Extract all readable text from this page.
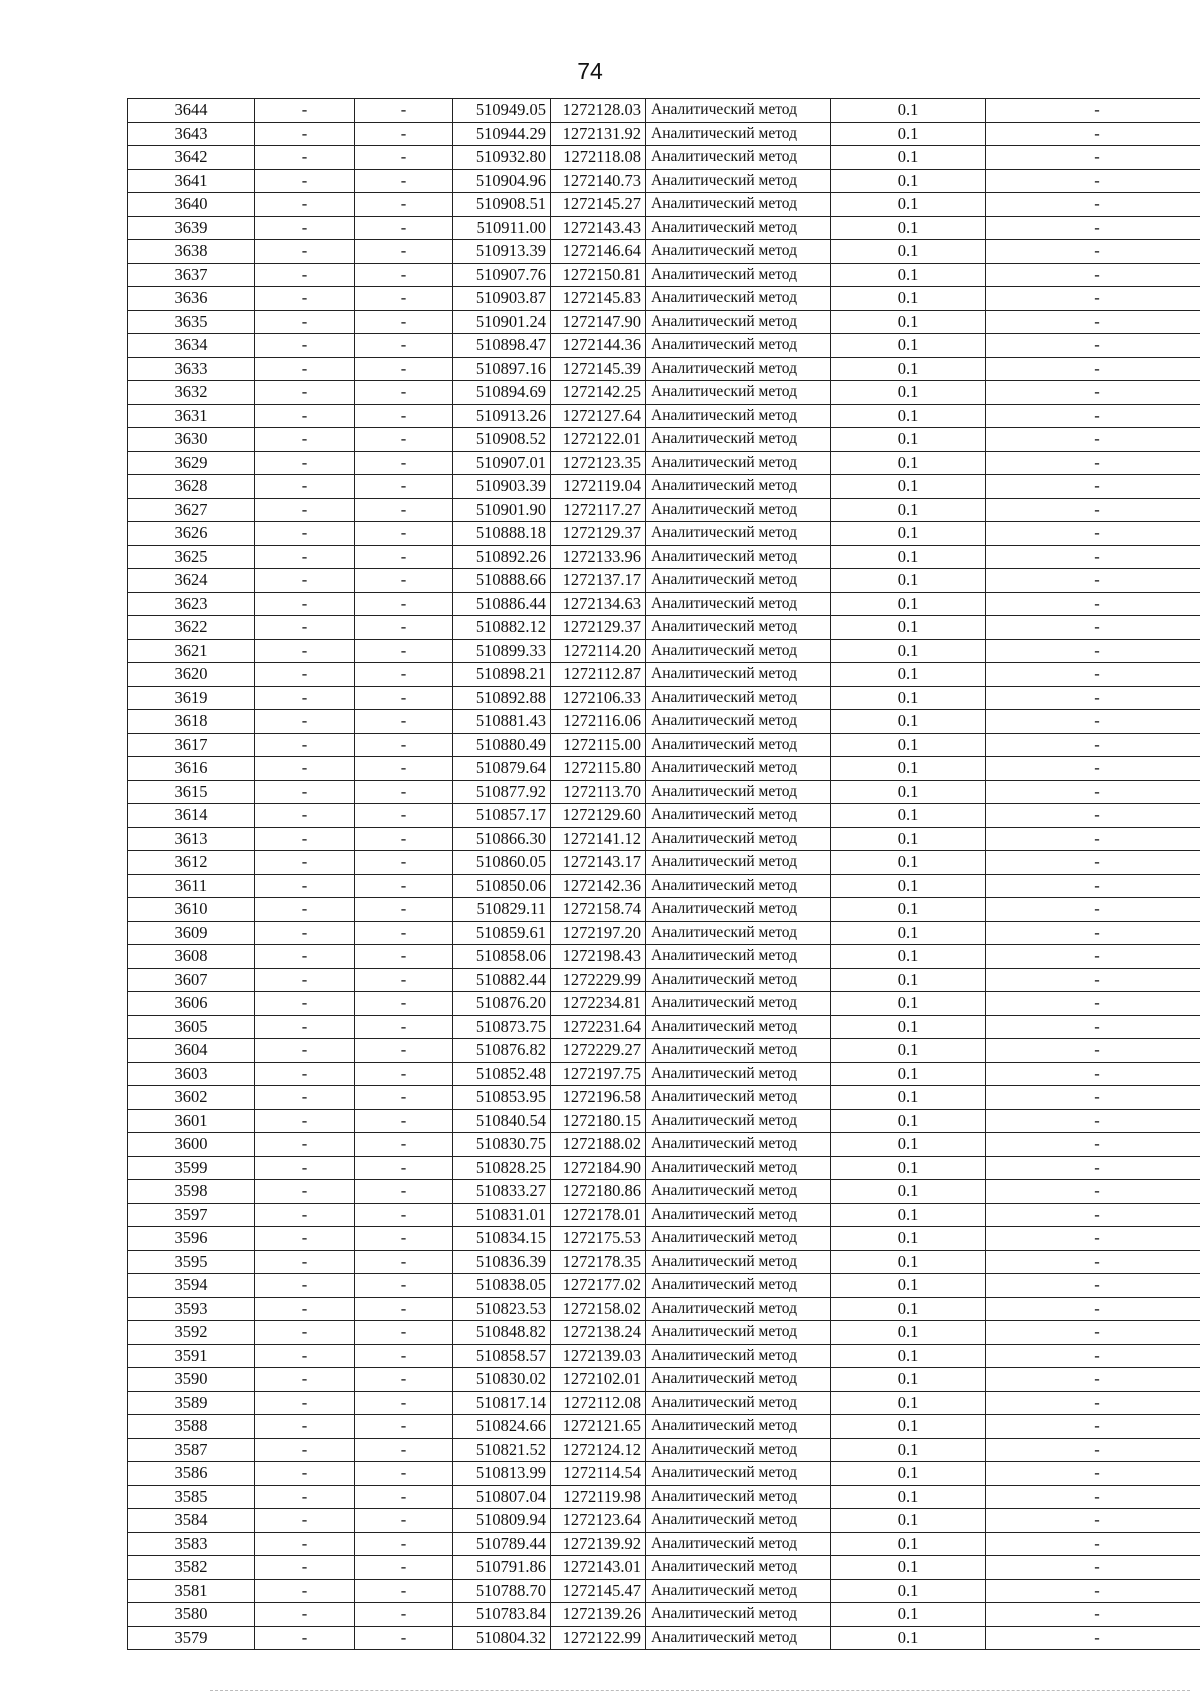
74
3644	-	-	510949.05	1272128.03	Аналитический метод	0.1	-
3643	-	-	510944.29	1272131.92	Аналитический метод	0.1	-
3642	-	-	510932.80	1272118.08	Аналитический метод	0.1	-
3641	-	-	510904.96	1272140.73	Аналитический метод	0.1	-
3640	-	-	510908.51	1272145.27	Аналитический метод	0.1	-
3639	-	-	510911.00	1272143.43	Аналитический метод	0.1	-
3638	-	-	510913.39	1272146.64	Аналитический метод	0.1	-
3637	-	-	510907.76	1272150.81	Аналитический метод	0.1	-
3636	-	-	510903.87	1272145.83	Аналитический метод	0.1	-
3635	-	-	510901.24	1272147.90	Аналитический метод	0.1	-
3634	-	-	510898.47	1272144.36	Аналитический метод	0.1	-
3633	-	-	510897.16	1272145.39	Аналитический метод	0.1	-
3632	-	-	510894.69	1272142.25	Аналитический метод	0.1	-
3631	-	-	510913.26	1272127.64	Аналитический метод	0.1	-
3630	-	-	510908.52	1272122.01	Аналитический метод	0.1	-
3629	-	-	510907.01	1272123.35	Аналитический метод	0.1	-
3628	-	-	510903.39	1272119.04	Аналитический метод	0.1	-
3627	-	-	510901.90	1272117.27	Аналитический метод	0.1	-
3626	-	-	510888.18	1272129.37	Аналитический метод	0.1	-
3625	-	-	510892.26	1272133.96	Аналитический метод	0.1	-
3624	-	-	510888.66	1272137.17	Аналитический метод	0.1	-
3623	-	-	510886.44	1272134.63	Аналитический метод	0.1	-
3622	-	-	510882.12	1272129.37	Аналитический метод	0.1	-
3621	-	-	510899.33	1272114.20	Аналитический метод	0.1	-
3620	-	-	510898.21	1272112.87	Аналитический метод	0.1	-
3619	-	-	510892.88	1272106.33	Аналитический метод	0.1	-
3618	-	-	510881.43	1272116.06	Аналитический метод	0.1	-
3617	-	-	510880.49	1272115.00	Аналитический метод	0.1	-
3616	-	-	510879.64	1272115.80	Аналитический метод	0.1	-
3615	-	-	510877.92	1272113.70	Аналитический метод	0.1	-
3614	-	-	510857.17	1272129.60	Аналитический метод	0.1	-
3613	-	-	510866.30	1272141.12	Аналитический метод	0.1	-
3612	-	-	510860.05	1272143.17	Аналитический метод	0.1	-
3611	-	-	510850.06	1272142.36	Аналитический метод	0.1	-
3610	-	-	510829.11	1272158.74	Аналитический метод	0.1	-
3609	-	-	510859.61	1272197.20	Аналитический метод	0.1	-
3608	-	-	510858.06	1272198.43	Аналитический метод	0.1	-
3607	-	-	510882.44	1272229.99	Аналитический метод	0.1	-
3606	-	-	510876.20	1272234.81	Аналитический метод	0.1	-
3605	-	-	510873.75	1272231.64	Аналитический метод	0.1	-
3604	-	-	510876.82	1272229.27	Аналитический метод	0.1	-
3603	-	-	510852.48	1272197.75	Аналитический метод	0.1	-
3602	-	-	510853.95	1272196.58	Аналитический метод	0.1	-
3601	-	-	510840.54	1272180.15	Аналитический метод	0.1	-
3600	-	-	510830.75	1272188.02	Аналитический метод	0.1	-
3599	-	-	510828.25	1272184.90	Аналитический метод	0.1	-
3598	-	-	510833.27	1272180.86	Аналитический метод	0.1	-
3597	-	-	510831.01	1272178.01	Аналитический метод	0.1	-
3596	-	-	510834.15	1272175.53	Аналитический метод	0.1	-
3595	-	-	510836.39	1272178.35	Аналитический метод	0.1	-
3594	-	-	510838.05	1272177.02	Аналитический метод	0.1	-
3593	-	-	510823.53	1272158.02	Аналитический метод	0.1	-
3592	-	-	510848.82	1272138.24	Аналитический метод	0.1	-
3591	-	-	510858.57	1272139.03	Аналитический метод	0.1	-
3590	-	-	510830.02	1272102.01	Аналитический метод	0.1	-
3589	-	-	510817.14	1272112.08	Аналитический метод	0.1	-
3588	-	-	510824.66	1272121.65	Аналитический метод	0.1	-
3587	-	-	510821.52	1272124.12	Аналитический метод	0.1	-
3586	-	-	510813.99	1272114.54	Аналитический метод	0.1	-
3585	-	-	510807.04	1272119.98	Аналитический метод	0.1	-
3584	-	-	510809.94	1272123.64	Аналитический метод	0.1	-
3583	-	-	510789.44	1272139.92	Аналитический метод	0.1	-
3582	-	-	510791.86	1272143.01	Аналитический метод	0.1	-
3581	-	-	510788.70	1272145.47	Аналитический метод	0.1	-
3580	-	-	510783.84	1272139.26	Аналитический метод	0.1	-
3579	-	-	510804.32	1272122.99	Аналитический метод	0.1	-
